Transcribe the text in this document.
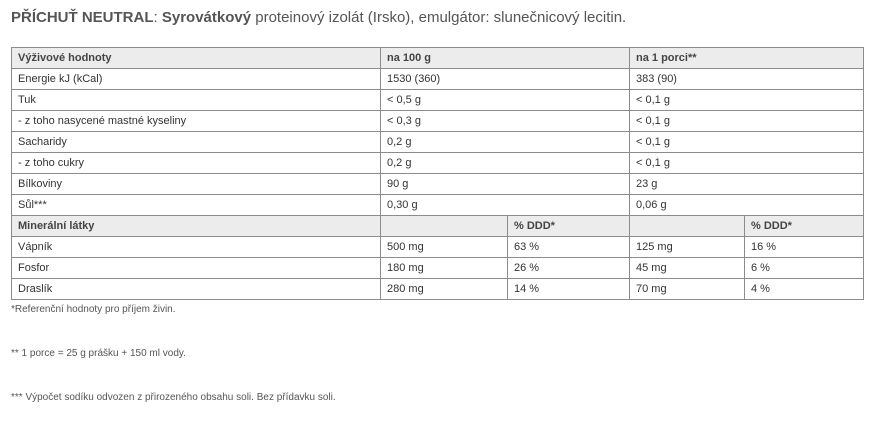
PŘÍCHUŤ NEUTRAL: Syrovátkový proteinový izolát (Irsko), emulgátor: slunečnicový lecitin.
Výživové hodnoty	na 100 g		na 1 porci**	
Energie kJ (kCal)	1530 (360)		383 (90)	
Tuk	< 0,5 g		< 0,1 g	
- z toho nasycené mastné kyseliny	< 0,3 g		< 0,1 g	
Sacharidy	0,2 g		< 0,1 g	
- z toho cukry	0,2 g		< 0,1 g	
Bílkoviny	90 g		23 g	
Sůl***	0,30 g		0,06 g	
Minerální látky		% DDD*		% DDD*
Vápník	500 mg	63 %	125 mg	16 %
Fosfor	180 mg	26 %	45 mg	6 %
Draslík	280 mg	14 %	70 mg	4 %
*Referenční hodnoty pro příjem živin.
** 1 porce = 25 g prášku + 150 ml vody.
*** Výpočet sodíku odvozen z přirozeného obsahu soli. Bez přídavku soli.
